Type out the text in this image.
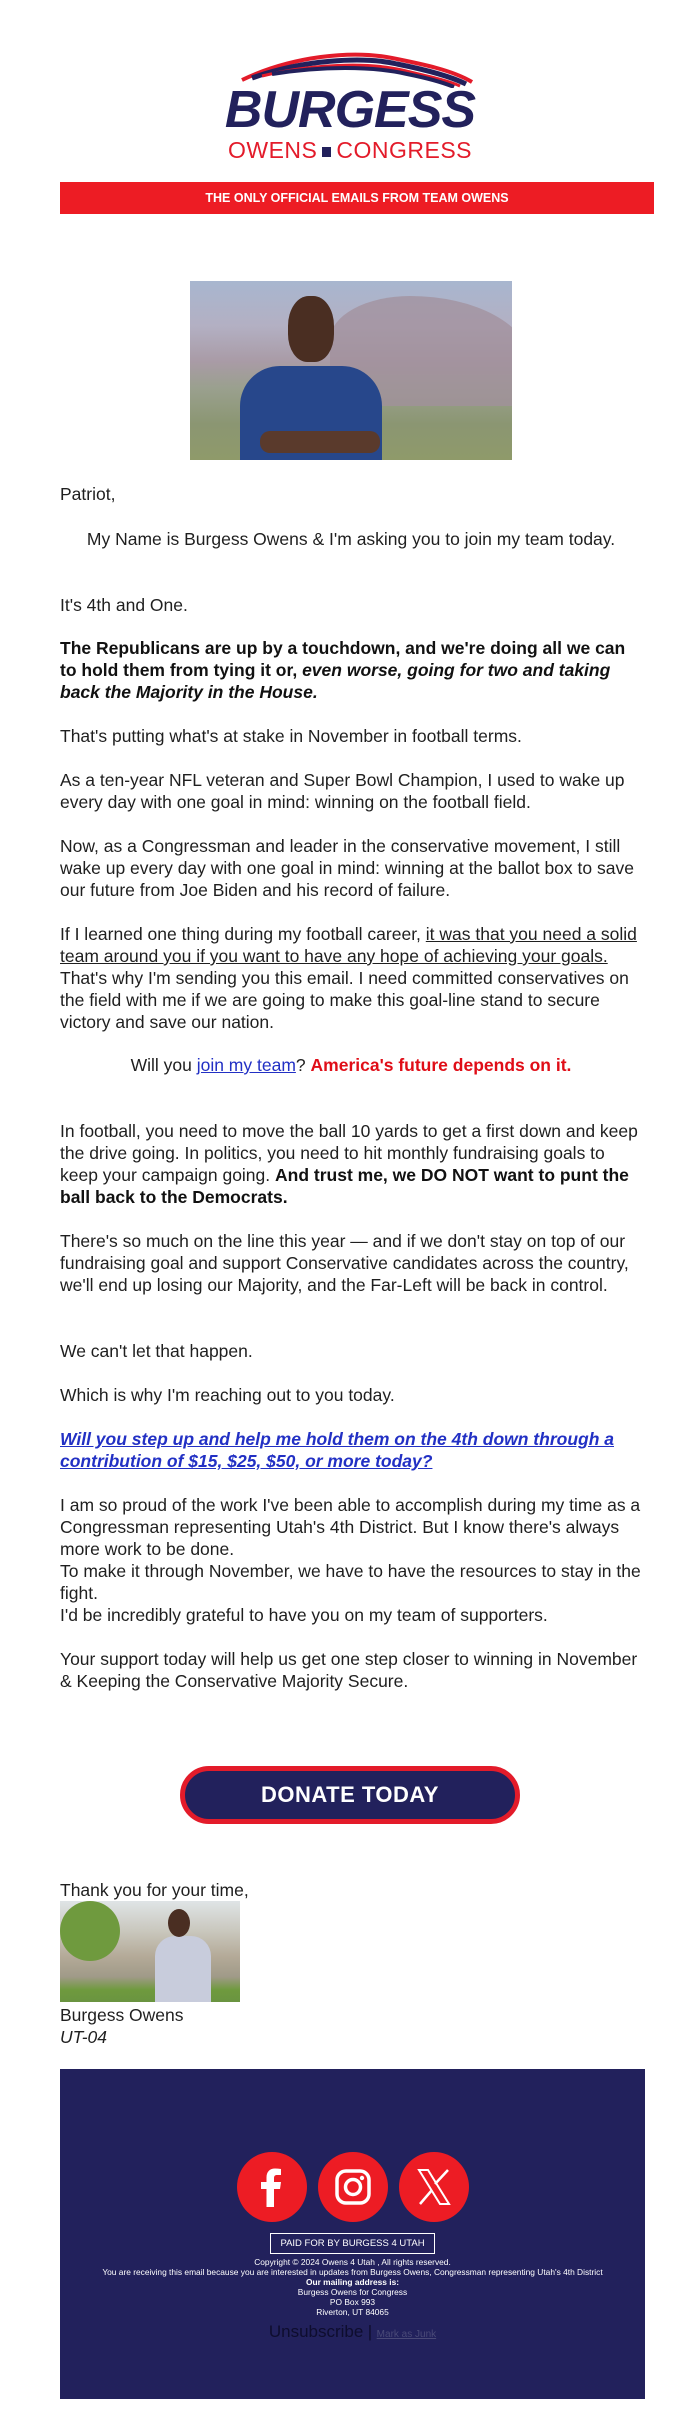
BURGESS
OWENS CONGRESS
THE ONLY OFFICIAL EMAILS FROM TEAM OWENS
Patriot,
My Name is Burgess Owens & I'm asking you to join my team today.
It's 4th and One.
The Republicans are up by a touchdown, and we're doing all we can to hold them from tying it or, even worse, going for two and taking back the Majority in the House.
That's putting what's at stake in November in football terms.
As a ten-year NFL veteran and Super Bowl Champion, I used to wake up every day with one goal in mind: winning on the football field.
Now, as a Congressman and leader in the conservative movement, I still wake up every day with one goal in mind: winning at the ballot box to save our future from Joe Biden and his record of failure.
If I learned one thing during my football career, it was that you need a solid team around you if you want to have any hope of achieving your goals. That's why I'm sending you this email. I need committed conservatives on the field with me if we are going to make this goal-line stand to secure victory and save our nation.
Will you join my team? America's future depends on it.
In football, you need to move the ball 10 yards to get a first down and keep the drive going. In politics, you need to hit monthly fundraising goals to keep your campaign going. And trust me, we DO NOT want to punt the ball back to the Democrats.
There's so much on the line this year — and if we don't stay on top of our fundraising goal and support Conservative candidates across the country, we'll end up losing our Majority, and the Far-Left will be back in control.
We can't let that happen.
Which is why I'm reaching out to you today.
Will you step up and help me hold them on the 4th down through a contribution of $15, $25, $50, or more today?
I am so proud of the work I've been able to accomplish during my time as a Congressman representing Utah's 4th District. But I know there's always more work to be done.
To make it through November, we have to have the resources to stay in the fight.
I'd be incredibly grateful to have you on my team of supporters.
Your support today will help us get one step closer to winning in November & Keeping the Conservative Majority Secure.
DONATE TODAY
Thank you for your time,
Burgess Owens
UT-04
PAID FOR BY BURGESS 4 UTAH
Copyright © 2024 Owens 4 Utah , All rights reserved.
You are receiving this email because you are interested in updates from Burgess Owens, Congressman representing Utah's 4th District
Our mailing address is:
Burgess Owens for Congress
PO Box 993
Riverton, UT 84065
Unsubscribe | Mark as Junk
